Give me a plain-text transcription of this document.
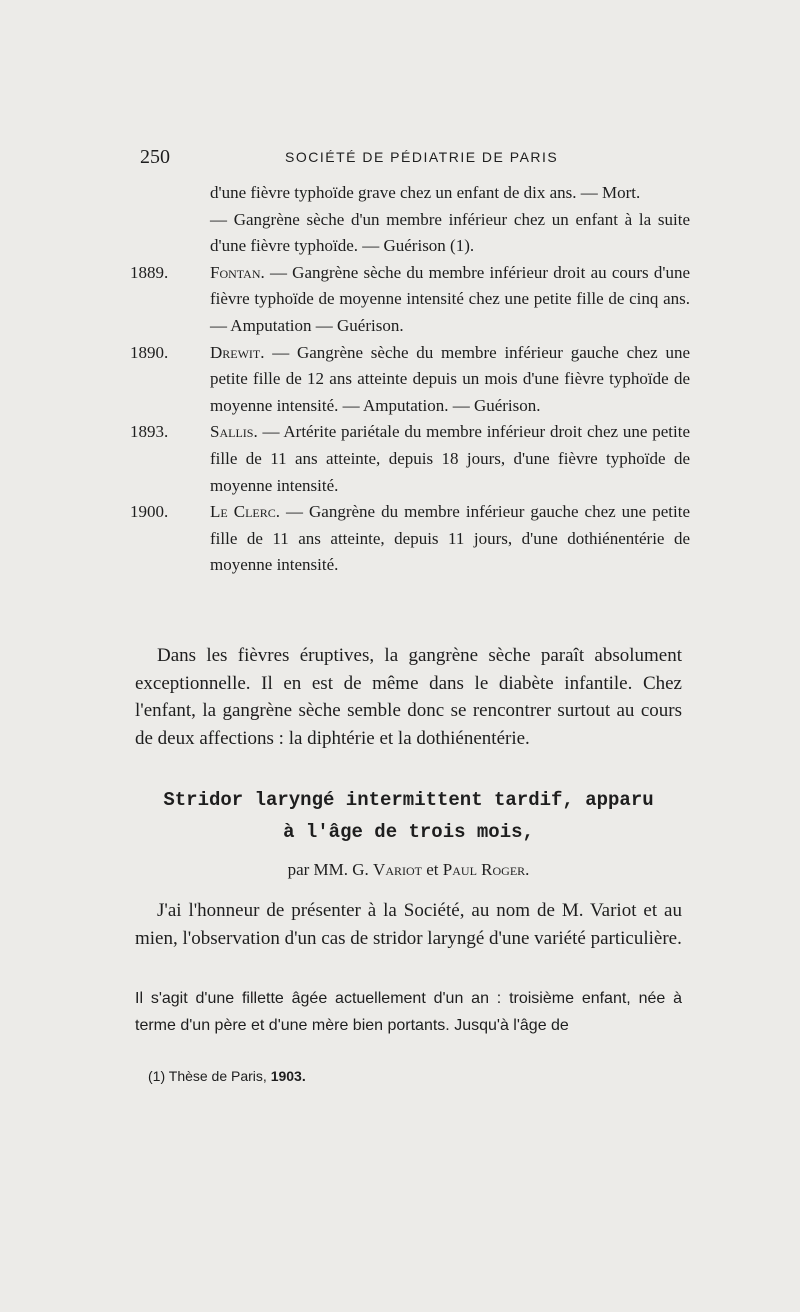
250	SOCIÉTÉ DE PÉDIATRIE DE PARIS
d'une fièvre typhoïde grave chez un enfant de dix ans. — Mort.
— Gangrène sèche d'un membre inférieur chez un enfant à la suite d'une fièvre typhoïde. — Guérison (1).
1889.	Fontan. — Gangrène sèche du membre inférieur droit au cours d'une fièvre typhoïde de moyenne intensité chez une petite fille de cinq ans. — Amputation — Guérison.
1890.	Drewit. — Gangrène sèche du membre inférieur gauche chez une petite fille de 12 ans atteinte depuis un mois d'une fièvre typhoïde de moyenne intensité. — Amputation. — Guérison.
1893.	Sallis. — Artérite pariétale du membre inférieur droit chez une petite fille de 11 ans atteinte, depuis 18 jours, d'une fièvre typhoïde de moyenne intensité.
1900.	Le Clerc. — Gangrène du membre inférieur gauche chez une petite fille de 11 ans atteinte, depuis 11 jours, d'une dothiénentérie de moyenne intensité.

Dans les fièvres éruptives, la gangrène sèche paraît absolument exceptionnelle. Il en est de même dans le diabète infantile. Chez l'enfant, la gangrène sèche semble donc se rencontrer surtout au cours de deux affections : la diphtérie et la dothiénentérie.

Stridor laryngé intermittent tardif, apparu
à l'âge de trois mois,
par MM. G. Variot et Paul Roger.

J'ai l'honneur de présenter à la Société, au nom de M. Variot et au mien, l'observation d'un cas de stridor laryngé d'une variété particulière.

Il s'agit d'une fillette âgée actuellement d'un an : troisième enfant, née à terme d'un père et d'une mère bien portants. Jusqu'à l'âge de

(1) Thèse de Paris, 1903.
